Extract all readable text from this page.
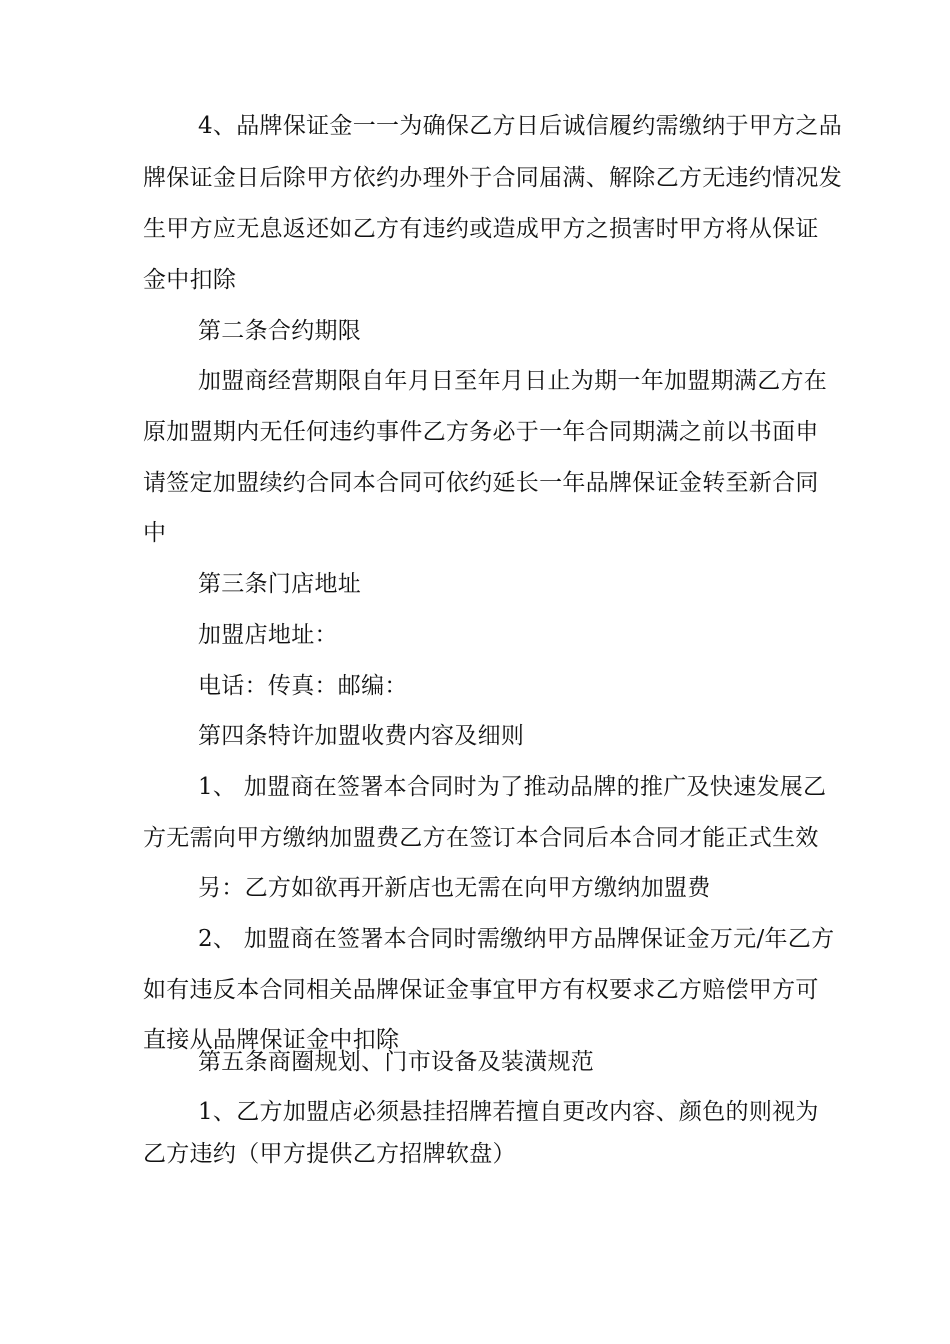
4、品牌保证金一一为确保乙方日后诚信履约需缴纳于甲方之品
牌保证金日后除甲方依约办理外于合同届满、解除乙方无违约情况发
生甲方应无息返还如乙方有违约或造成甲方之损害时甲方将从保证
金中扣除
第二条合约期限
加盟商经营期限自年月日至年月日止为期一年加盟期满乙方在
原加盟期内无任何违约事件乙方务必于一年合同期满之前以书面申
请签定加盟续约合同本合同可依约延长一年品牌保证金转至新合同
中
第三条门店地址
加盟店地址：
电话：传真：邮编：
第四条特许加盟收费内容及细则
1、 加盟商在签署本合同时为了推动品牌的推广及快速发展乙
方无需向甲方缴纳加盟费乙方在签订本合同后本合同才能正式生效
另：乙方如欲再开新店也无需在向甲方缴纳加盟费
2、 加盟商在签署本合同时需缴纳甲方品牌保证金万元/年乙方
如有违反本合同相关品牌保证金事宜甲方有权要求乙方赔偿甲方可
直接从品牌保证金中扣除
第五条商圈规划、门市设备及装潢规范
1、乙方加盟店必须悬挂招牌若擅自更改内容、颜色的则视为
乙方违约（甲方提供乙方招牌软盘）
